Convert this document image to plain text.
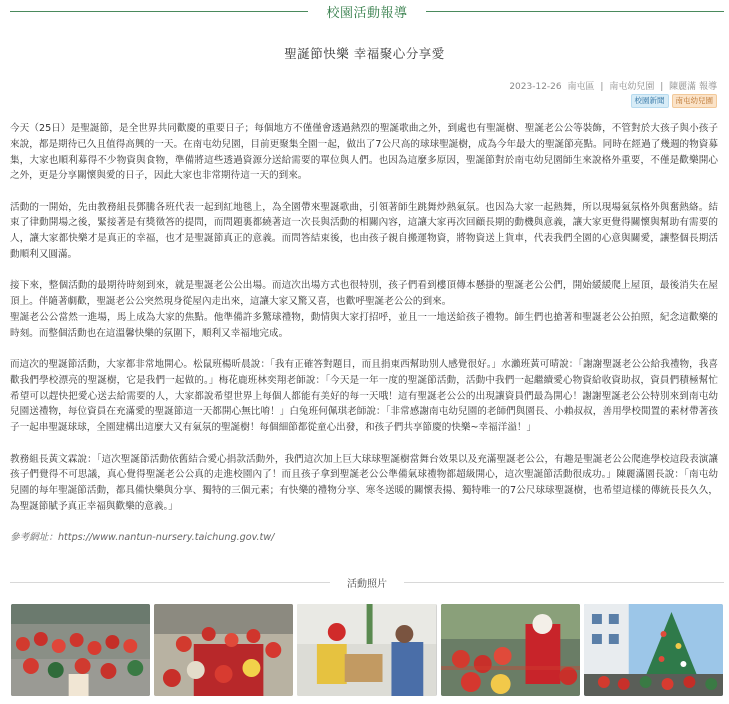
校園活動報導
聖誕節快樂 幸福聚心分享愛
2023-12-26 南屯區 | 南屯幼兒園 | 陳麗滿 報導
校園新聞	南屯幼兒園

今天（25日）是聖誕節，是全世界共同歡慶的重要日子；每個地方不僅僅會透過熱烈的聖誕歌曲之外，到處也有聖誕樹、聖誕老公公等裝飾，不管對於大孩子與小孩子來說，都是期待已久且值得高興的一天。在南屯幼兒園，目前更聚集全園一起，做出了7公尺高的球球聖誕樹，成為今年最大的聖誕節亮點。同時在經過了幾週的物資募集，大家也順利募得不少物資與食物，準備將這些透過資源分送給需要的單位與人們。也因為這麼多原因，聖誕節對於南屯幼兒園師生來說格外重要，不僅是歡樂開心之外，更是分享關懷與愛的日子，因此大家也非常期待這一天的到來。

活動的一開始，先由教務組長鄧騰各班代表一起到紅地毯上，為全園帶來聖誕歌曲，引領著師生跳舞炒熱氣氛。也因為大家一起熱舞，所以現場氣氛格外與奮熱絡。結束了律動開場之後，緊接著是有獎徵答的提問，而問題裏都繞著這一次長與活動的相關內容，這讓大家再次回顧長期的動機與意義，讓大家更覺得關懷與幫助有需要的人，讓大家都快樂才是真正的幸福，也才是聖誕節真正的意義。而問答結束後，也由孩子親自搬運物資，將物資送上貨車，代表我們全園的心意與關愛，讓整個長期活動順利又圓滿。

接下來，整個活動的最期待時刻到來，就是聖誕老公公出場。而這次出場方式也很特別，孩子們看到樓頂傳本懸掛的聖誕老公公們，開始緩緩爬上屋頂，最後消失在屋頂上。伴隨著劇歡，聖誕老公公突然現身從屋內走出來，這讓大家又驚又喜，也歡呼聖誕老公公的到來。

聖誕老公公當然一進場，馬上成為大家的焦點。他準備許多驚球禮物，動情與大家打招呼，並且一一地送給孩子禮物。師生們也搶著和聖誕老公公拍照，紀念這歡樂的時刻。而整個活動也在這溫馨快樂的氛圍下，順利又幸福地完成。

而這次的聖誕節活動，大家都非常地開心。松鼠班楊昕晨說：「我有正確答對題目，而且捐東西幫助別人感覺很好。」水瀨班黃可晴說：「謝謝聖誕老公公給我禮物，我喜歡我們學校漂亮的聖誕樹，它是我們一起做的。」梅花鹿班林奕翔老師說：「今天是一年一度的聖誕節活動，活動中我們一起繼續愛心物資給收資助叔，資員們積極幫忙希望可以趕快把愛心送去給需要的人，大家都說希望世界上每個人都能有美好的每一天哦！這有聖誕老公公的出現讓資員們最為開心！謝謝聖誕老公公特別來到南屯幼兒園送禮物，每位資員在充滿愛的聖誕節這一天都開心無比唷！」白兔班何佩琪老師說：「非常感謝南屯幼兒園的老師們與園長、小賴叔叔，善用學校閒置的素材帶著孩子一起串聖誕球球，全園建構出這麼大又有氣氛的聖誕樹！每個細節都從童心出發，和孩子們共享節慶的快樂~幸福洋溢！」

教務組長黃文霖說：「這次聖誕節活動依舊結合愛心捐款活動外，我們這次加上巨大球球聖誕樹當舞台效果以及充滿聖誕老公公，有趣是聖誕老公公爬進學校這段表演讓孩子們覺得不可思議，真心覺得聖誕老公公真的走進校園內了！而且孩子拿到聖誕老公公準備氣球禮物都超級開心，這次聖誕節活動很成功。」陳麗滿園長說：「南屯幼兒園的每年聖誕節活動，都具備快樂與分享、獨特的三個元素；有快樂的禮物分享、寒冬送暖的關懷表揚、獨特唯一的7公尺球球聖誕樹，也希望這樣的傳統長長久久，為聖誕節賦予真正幸福與歡樂的意義。」

參考網址：https://www.nantun-nursery.taichung.gov.tw/

活動照片
